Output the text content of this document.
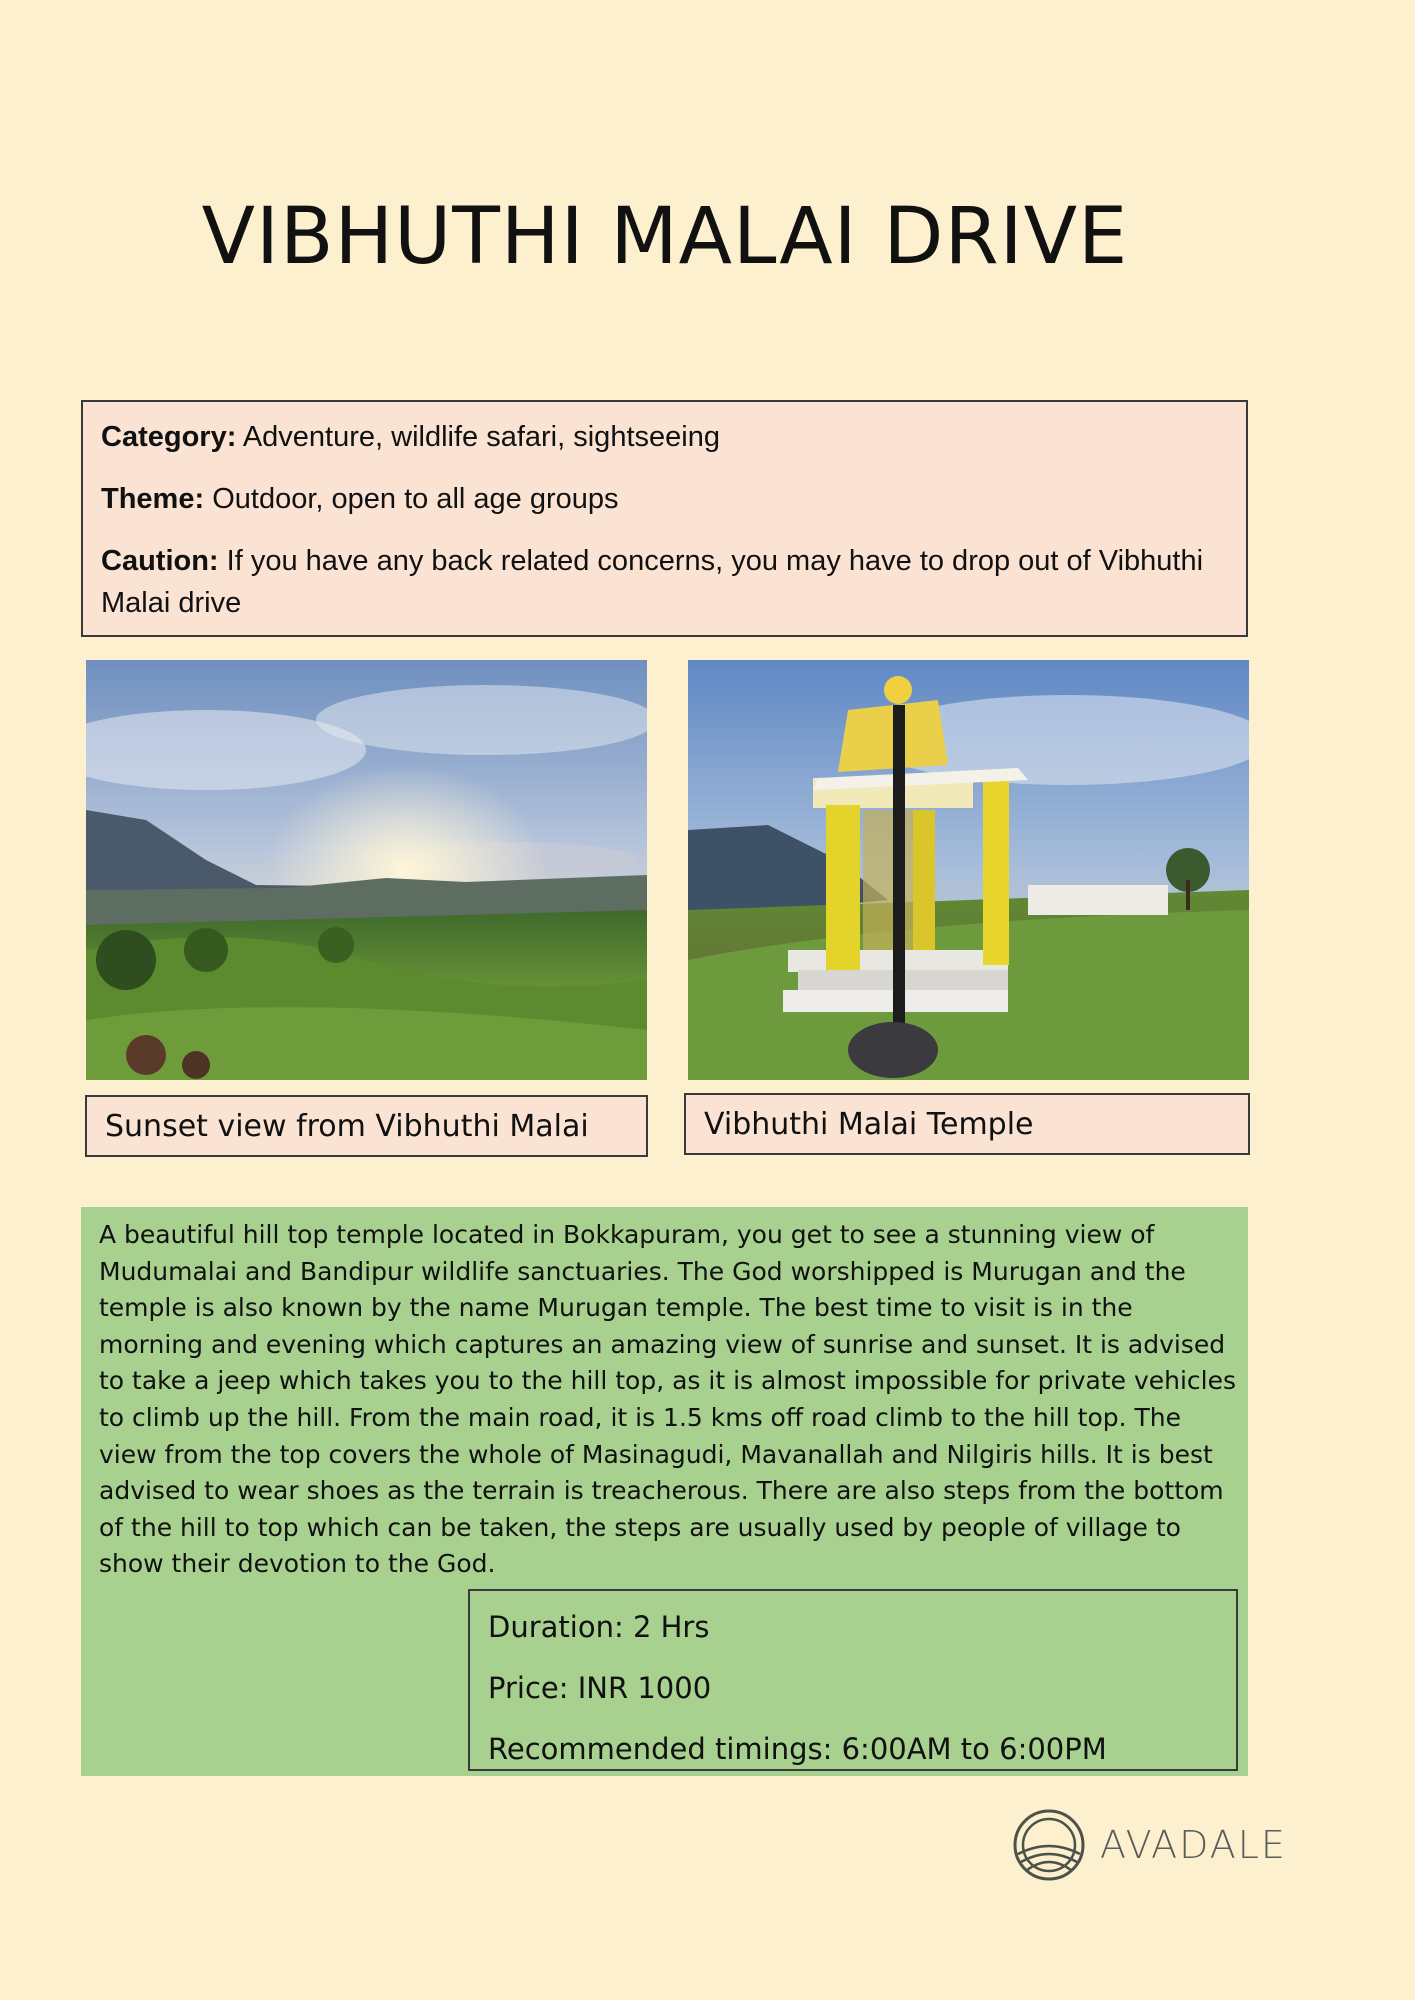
VIBHUTHI MALAI DRIVE

Category: Adventure, wildlife safari, sightseeing

Theme: Outdoor, open to all age groups

Caution: If you have any back related concerns, you may have to drop out of Vibhuthi Malai drive

Sunset view from Vibhuthi Malai	Vibhuthi Malai Temple

A beautiful hill top temple located in Bokkapuram, you get to see a stunning view of Mudumalai and Bandipur wildlife sanctuaries. The God worshipped is Murugan and the temple is also known by the name Murugan temple. The best time to visit is in the morning and evening which captures an amazing view of sunrise and sunset. It is advised to take a jeep which takes you to the hill top, as it is almost impossible for private vehicles to climb up the hill. From the main road, it is 1.5 kms off road climb to the hill top. The view from the top covers the whole of Masinagudi, Mavanallah and Nilgiris hills. It is best advised to wear shoes as the terrain is treacherous. There are also steps from the bottom of the hill to top which can be taken, the steps are usually used by people of village to show their devotion to the God.

Duration: 2 Hrs
Price: INR 1000
Recommended timings: 6:00AM to 6:00PM
AVADALE
